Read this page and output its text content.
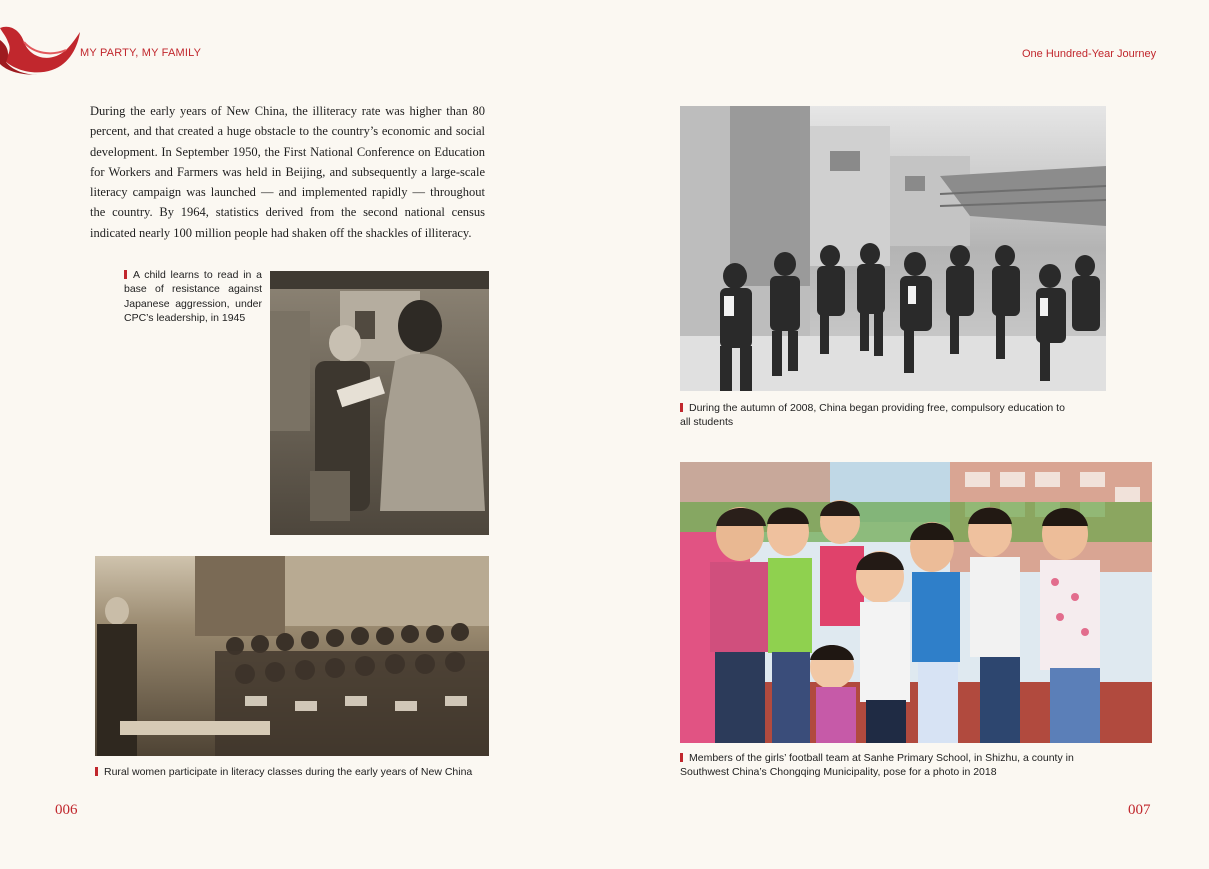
MY PARTY, MY FAMILY	One Hundred-Year Journey
During the early years of New China, the illiteracy rate was higher than 80 percent, and that created a huge obstacle to the country’s economic and social development. In September 1950, the First National Conference on Education for Workers and Farmers was held in Beijing, and subsequently a large-scale literacy campaign was launched — and implemented rapidly — throughout the country. By 1964, statistics derived from the second national census indicated nearly 100 million people had shaken off the shackles of illiteracy.
A child learns to read in a base of resistance against Japanese aggression, under CPC’s leadership, in 1945
Rural women participate in literacy classes during the early years of New China
During the autumn of 2008, China began providing free, compulsory education to all students
Members of the girls’ football team at Sanhe Primary School, in Shizhu, a county in Southwest China’s Chongqing Municipality, pose for a photo in 2018
006	007
